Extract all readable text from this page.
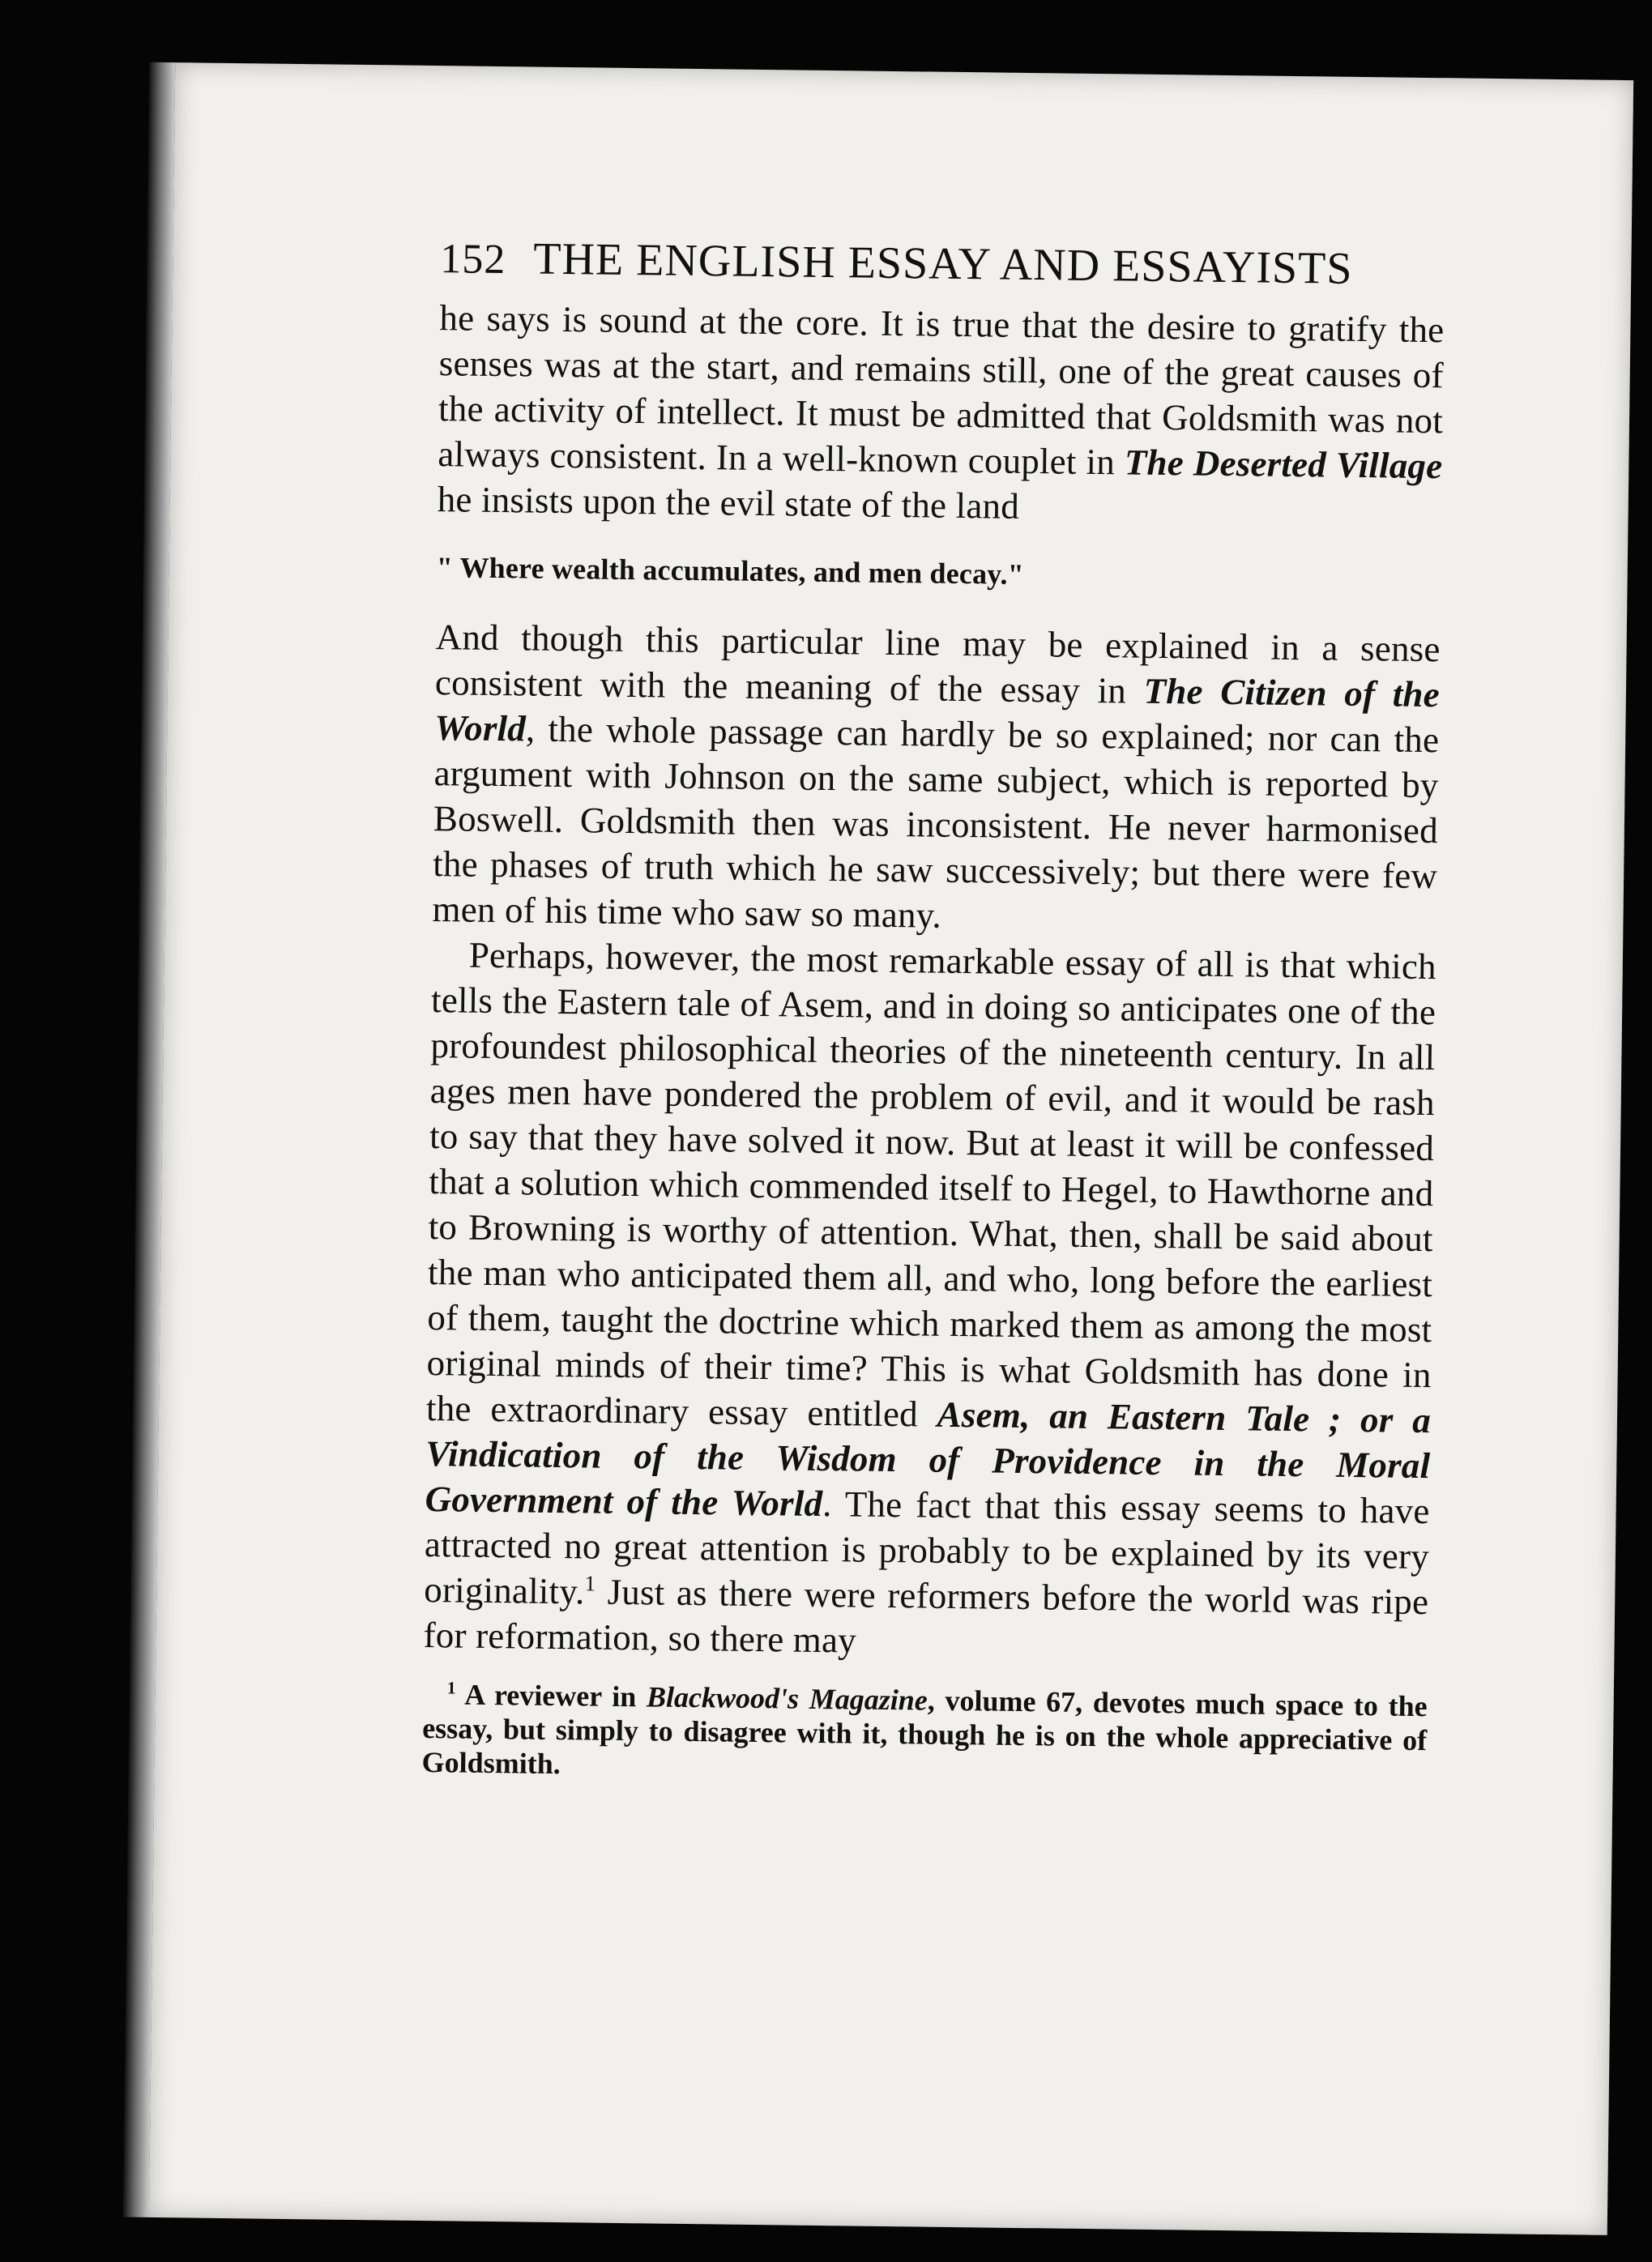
152 THE ENGLISH ESSAY AND ESSAYISTS

he says is sound at the core. It is true that the desire to gratify the senses was at the start, and remains still, one of the great causes of the activity of intellect. It must be admitted that Goldsmith was not always consistent. In a well-known couplet in The Deserted Village he insists upon the evil state of the land

" Where wealth accumulates, and men decay."

And though this particular line may be explained in a sense consistent with the meaning of the essay in The Citizen of the World, the whole passage can hardly be so explained; nor can the argument with Johnson on the same subject, which is reported by Boswell. Goldsmith then was inconsistent. He never harmonised the phases of truth which he saw successively; but there were few men of his time who saw so many.

Perhaps, however, the most remarkable essay of all is that which tells the Eastern tale of Asem, and in doing so anticipates one of the profoundest philosophical theories of the nineteenth century. In all ages men have pondered the problem of evil, and it would be rash to say that they have solved it now. But at least it will be confessed that a solution which commended itself to Hegel, to Hawthorne and to Browning is worthy of attention. What, then, shall be said about the man who anticipated them all, and who, long before the earliest of them, taught the doctrine which marked them as among the most original minds of their time? This is what Goldsmith has done in the extraordinary essay entitled Asem, an Eastern Tale ; or a Vindication of the Wisdom of Providence in the Moral Government of the World. The fact that this essay seems to have attracted no great attention is probably to be explained by its very originality.$^1$ Just as there were reformers before the world was ripe for reformation, so there may

$^1$ A reviewer in Blackwood's Magazine, volume 67, devotes much space to the essay, but simply to disagree with it, though he is on the whole appreciative of Goldsmith.
